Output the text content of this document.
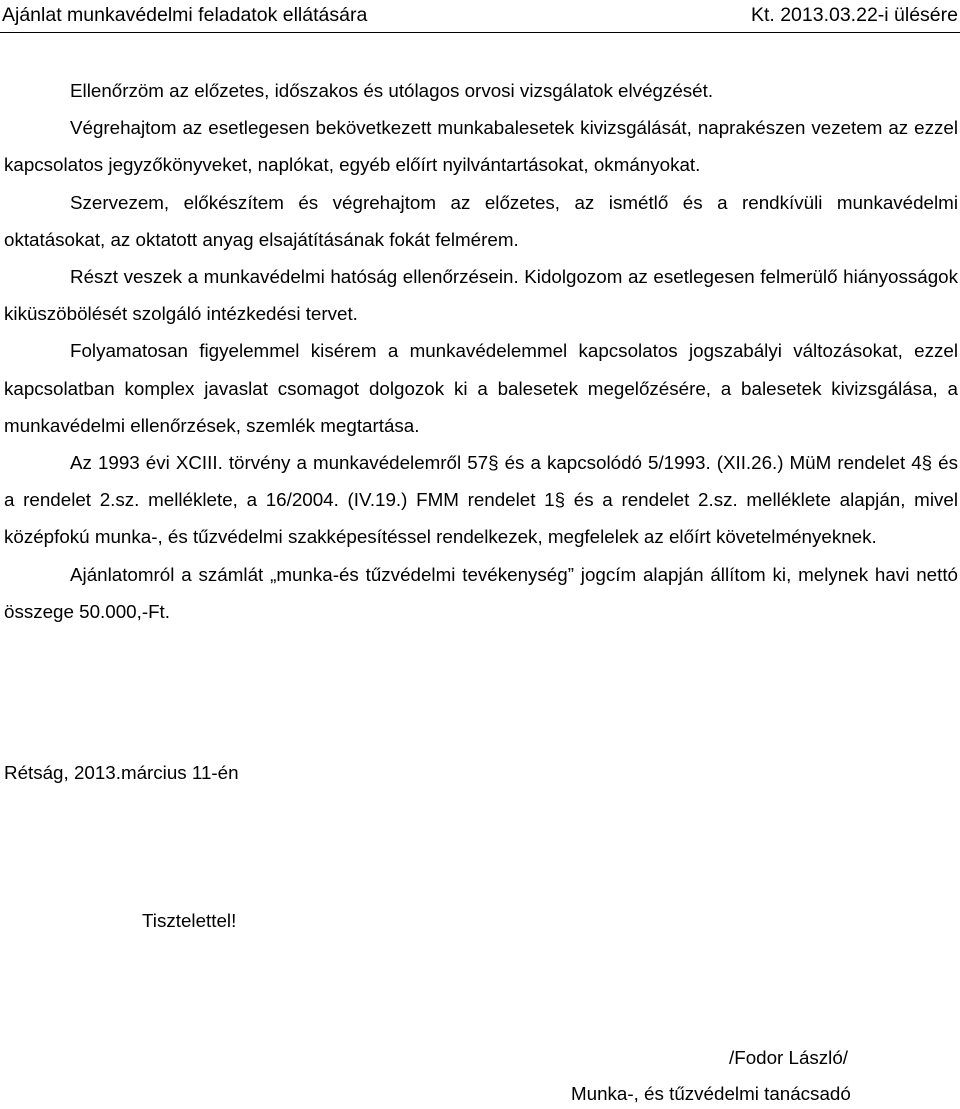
Ajánlat munkavédelmi feladatok ellátására	Kt. 2013.03.22-i ülésére

Ellenőrzöm az előzetes, időszakos és utólagos orvosi vizsgálatok elvégzését.

Végrehajtom az esetlegesen bekövetkezett munkabalesetek kivizsgálását, naprakészen vezetem az ezzel kapcsolatos jegyzőkönyveket, naplókat, egyéb előírt nyilvántartásokat, okmányokat.

Szervezem, előkészítem és végrehajtom az előzetes, az ismétlő és a rendkívüli munkavédelmi oktatásokat, az oktatott anyag elsajátításának fokát felmérem.

Részt veszek a munkavédelmi hatóság ellenőrzésein. Kidolgozom az esetlegesen felmerülő hiányosságok kiküszöbölését szolgáló intézkedési tervet.

Folyamatosan figyelemmel kisérem a munkavédelemmel kapcsolatos jogszabályi változásokat, ezzel kapcsolatban komplex javaslat csomagot dolgozok ki a balesetek megelőzésére, a balesetek kivizsgálása, a munkavédelmi ellenőrzések, szemlék megtartása.

Az 1993 évi XCIII. törvény a munkavédelemről 57§ és a kapcsolódó 5/1993. (XII.26.) MüM rendelet 4§ és a rendelet 2.sz. melléklete, a 16/2004. (IV.19.) FMM rendelet 1§ és a rendelet 2.sz. melléklete alapján, mivel középfokú munka-, és tűzvédelmi szakképesítéssel rendelkezek, megfelelek az előírt követelményeknek.

Ajánlatomról a számlát „munka-és tűzvédelmi tevékenység” jogcím alapján állítom ki, melynek havi nettó összege 50.000,-Ft.

Rétság, 2013.március 11-én
Tisztelettel!
/Fodor László/
Munka-, és tűzvédelmi tanácsadó
